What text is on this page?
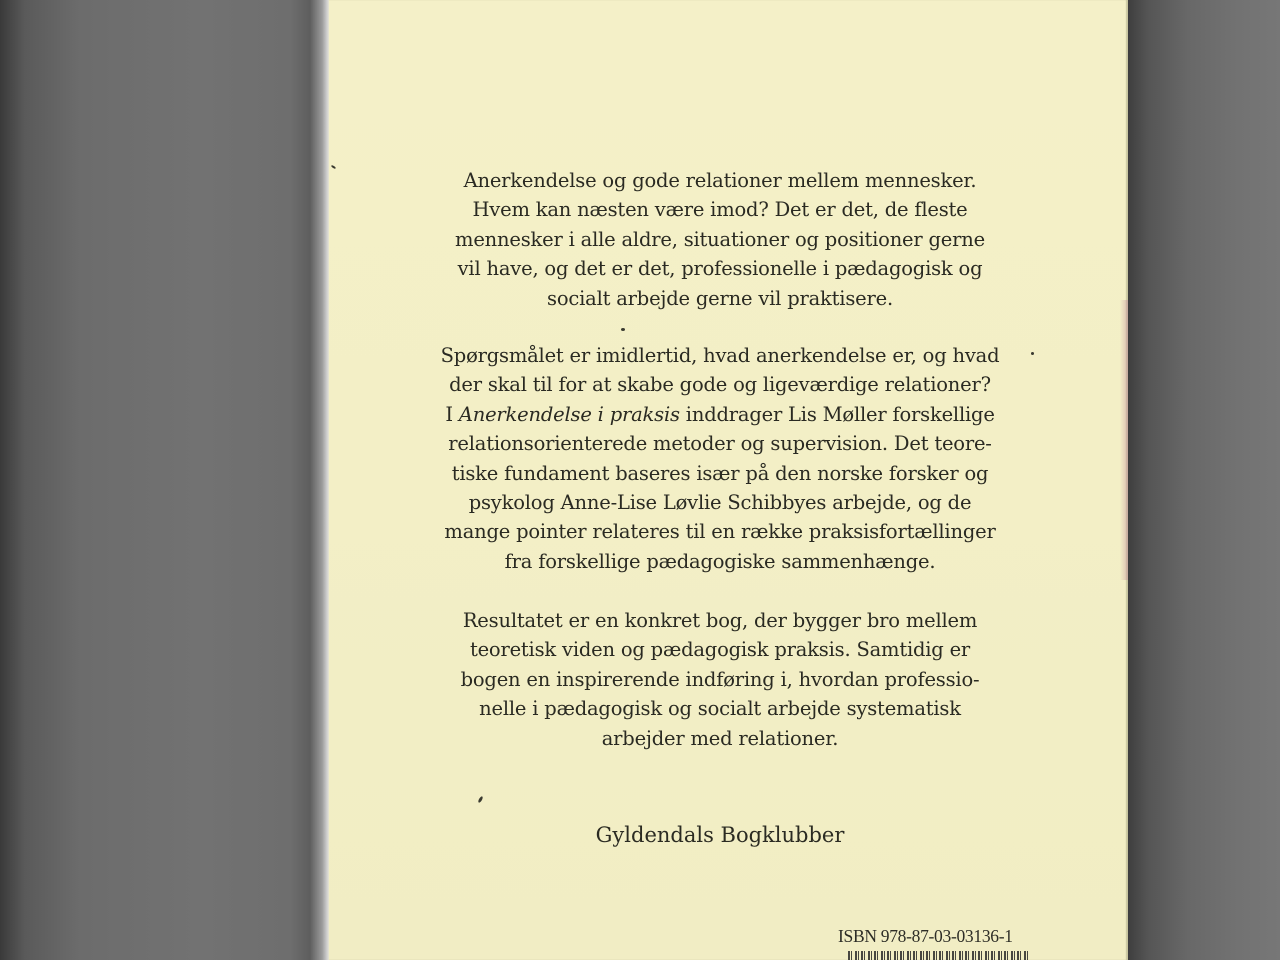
Anerkendelse og gode relationer mellem mennesker.
Hvem kan næsten være imod? Det er det, de fleste
mennesker i alle aldre, situationer og positioner gerne
vil have, og det er det, professionelle i pædagogisk og
socialt arbejde gerne vil praktisere.
Spørgsmålet er imidlertid, hvad anerkendelse er, og hvad
der skal til for at skabe gode og ligeværdige relationer?
I Anerkendelse i praksis inddrager Lis Møller forskellige
relationsorienterede metoder og supervision. Det teore-
tiske fundament baseres især på den norske forsker og
psykolog Anne-Lise Løvlie Schibbyes arbejde, og de
mange pointer relateres til en række praksisfortællinger
fra forskellige pædagogiske sammenhænge.
Resultatet er en konkret bog, der bygger bro mellem
teoretisk viden og pædagogisk praksis. Samtidig er
bogen en inspirerende indføring i, hvordan professio-
nelle i pædagogisk og socialt arbejde systematisk
arbejder med relationer.
Gyldendals Bogklubber
ISBN 978-87-03-03136-1
